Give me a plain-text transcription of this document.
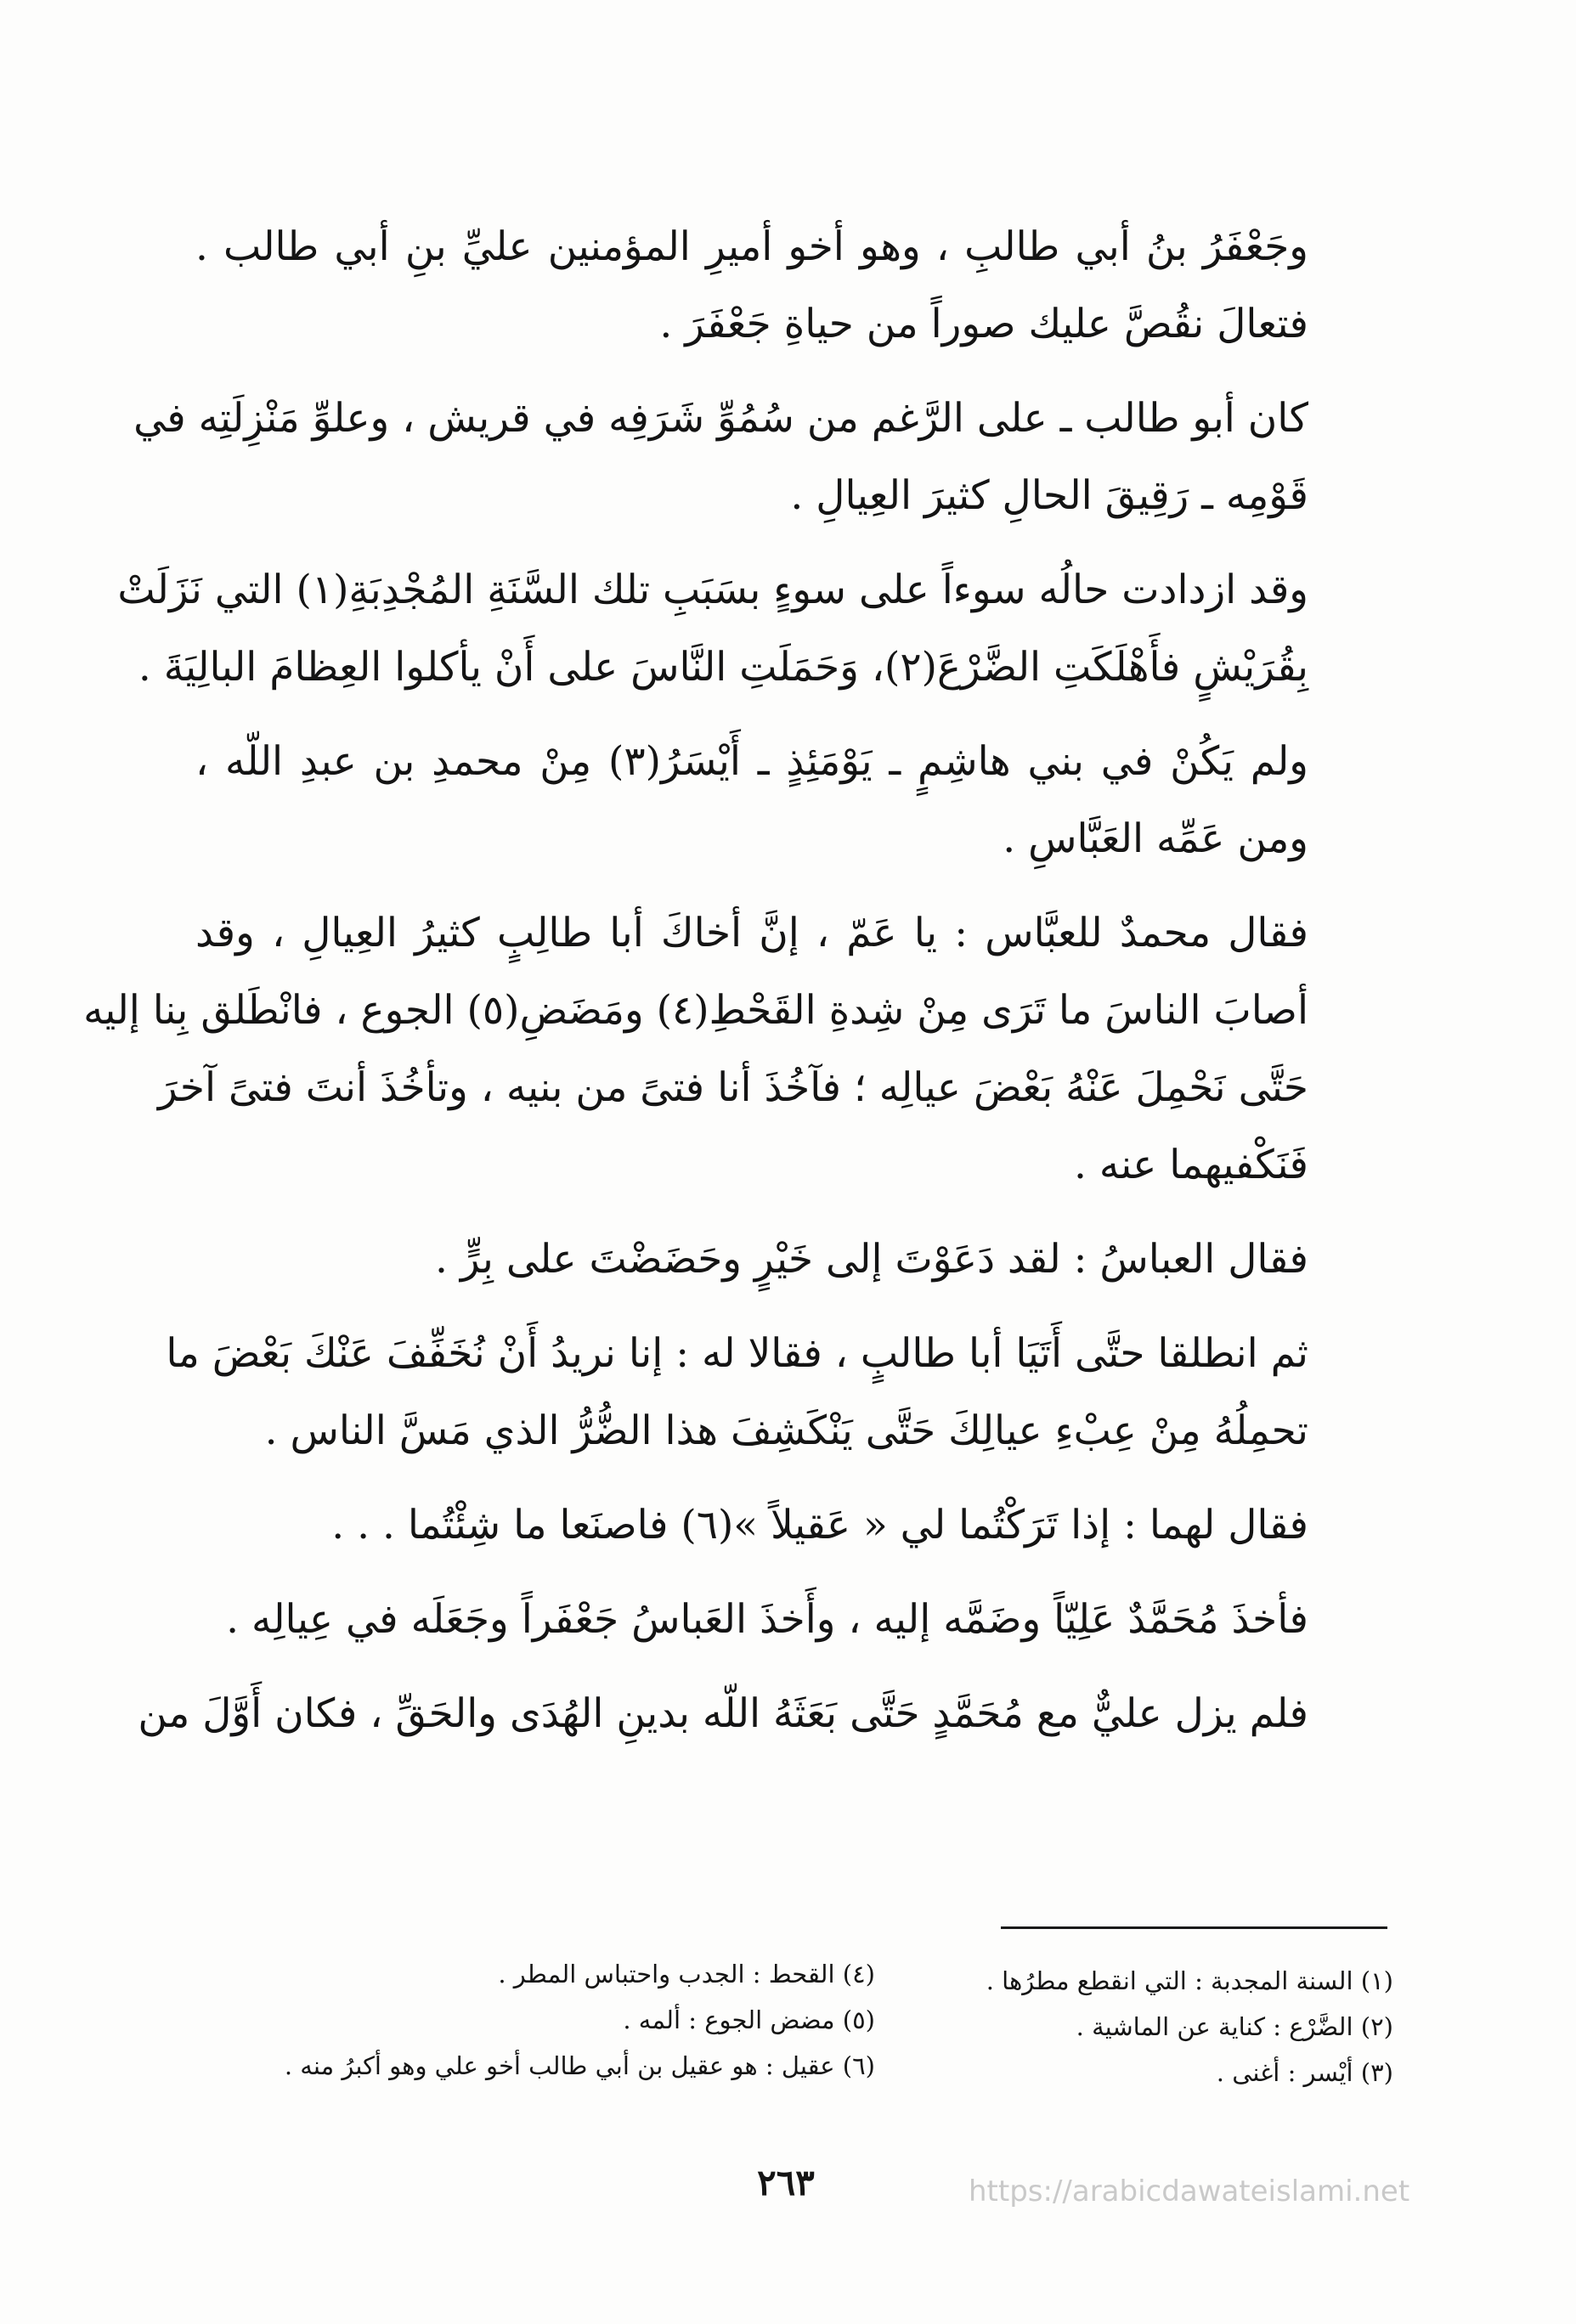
وجَعْفَرُ بنُ أبي طالبِ ، وهو أخو أميرِ المؤمنين عليِّ بنِ أبي طالب .
فتعالَ نقُصَّ عليك صوراً من حياةِ جَعْفَرَ .
كان أبو طالب ـ على الرَّغم من سُمُوِّ شَرَفِه في قريش ، وعلوِّ مَنْزِلَتِه في
قَوْمِه ـ رَقِيقَ الحالِ كثيرَ العِيالِ .
وقد ازدادت حالُه سوءاً على سوءٍ بسَبَبِ تلك السَّنَةِ المُجْدِبَةِ(١) التي نَزَلَتْ
بِقُرَيْشٍ فأَهْلَكَتِ الضَّرْعَ(٢)، وَحَمَلَتِ النَّاسَ على أَنْ يأكلوا العِظامَ البالِيَةَ .
ولم يَكُنْ في بني هاشِمٍ ـ يَوْمَئِذٍ ـ أَيْسَرُ(٣) مِنْ محمدِ بن عبدِ اللّه ،
ومن عَمِّه العَبَّاسِ .
فقال محمدٌ للعبَّاس : يا عَمّ ، إنَّ أخاكَ أبا طالِبٍ كثيرُ العِيالِ ، وقد
أصابَ الناسَ ما تَرَى مِنْ شِدةِ القَحْطِ(٤) ومَضَضِ(٥) الجوع ، فانْطَلق بِنا إليه
حَتَّى نَحْمِلَ عَنْهُ بَعْضَ عيالِه ؛ فآخُذَ أنا فتىً من بنيه ، وتأخُذَ أنتَ فتىً آخرَ
فَنَكْفيهما عنه .
فقال العباسُ : لقد دَعَوْتَ إلى خَيْرٍ وحَضَضْتَ على بِرٍّ .
ثم انطلقا حتَّى أَتَيَا أبا طالبٍ ، فقالا له : إنا نريدُ أَنْ نُخَفِّفَ عَنْكَ بَعْضَ ما
تحمِلُهُ مِنْ عِبْءِ عيالِكَ حَتَّى يَنْكَشِفَ هذا الضُّرُّ الذي مَسَّ الناس .
فقال لهما : إذا تَرَكْتُما لي « عَقيلاً »(٦) فاصنَعا ما شِئْتُما . . .
فأخذَ مُحَمَّدٌ عَلِيّاً وضَمَّه إليه ، وأَخذَ العَباسُ جَعْفَراً وجَعَلَه في عِيالِه .
فلم يزل عليٌّ مع مُحَمَّدٍ حَتَّى بَعَثَهُ اللّه بدينِ الهُدَى والحَقِّ ، فكان أَوَّلَ من
(١) السنة المجدبة : التي انقطع مطرُها .
(٢) الضَّرْع : كناية عن الماشية .
(٣) أيْسر : أغنى .
(٤) القحط : الجدب واحتباس المطر .
(٥) مضض الجوع : ألمه .
(٦) عقيل : هو عقيل بن أبي طالب أخو علي وهو أكبرُ منه .
٢٦٣	https://arabicdawateislami.net
